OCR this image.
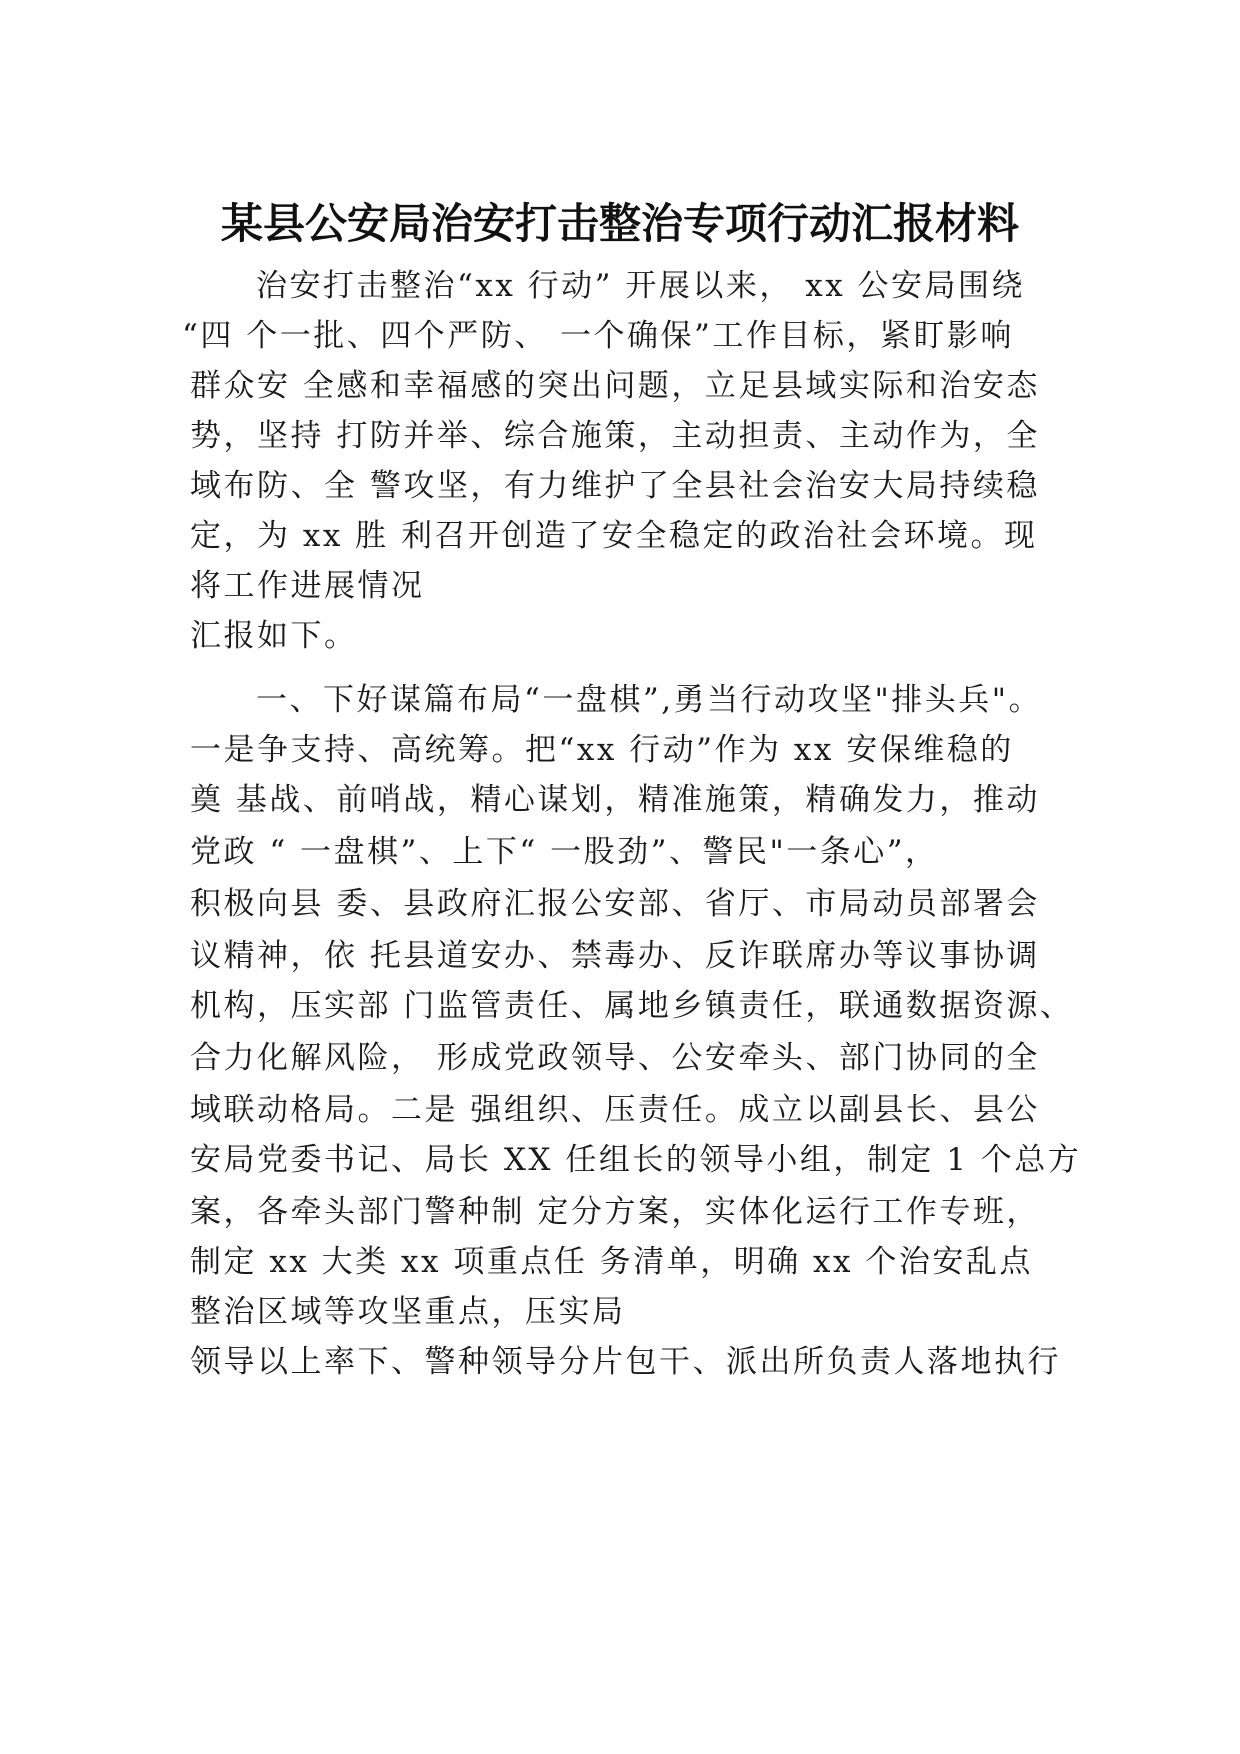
某县公安局治安打击整治专项行动汇报材料
治安打击整治“xx 行动” 开展以来， xx 公安局围绕
“四 个一批、四个严防、 一个确保”工作目标，紧盯影响
群众安 全感和幸福感的突出问题，立足县域实际和治安态
势，坚持 打防并举、综合施策，主动担责、主动作为，全
域布防、全 警攻坚，有力维护了全县社会治安大局持续稳
定，为 xx 胜 利召开创造了安全稳定的政治社会环境。现
将工作进展情况
汇报如下。
一、下好谋篇布局“一盘棋”,勇当行动攻坚"排头兵"。
一是争支持、高统筹。把“xx 行动”作为 xx 安保维稳的
奠 基战、前哨战，精心谋划，精准施策，精确发力，推动
党政 “ 一盘棋”、上下“ 一股劲”、警民"一条心”，
积极向县 委、县政府汇报公安部、省厅、市局动员部署会
议精神，依 托县道安办、禁毒办、反诈联席办等议事协调
机构，压实部 门监管责任、属地乡镇责任，联通数据资源、
合力化解风险， 形成党政领导、公安牵头、部门协同的全
域联动格局。二是 强组织、压责任。成立以副县长、县公
安局党委书记、局长 XX 任组长的领导小组，制定 1 个总方
案，各牵头部门警种制 定分方案，实体化运行工作专班，
制定 xx 大类 xx 项重点任 务清单，明确 xx 个治安乱点
整治区域等攻坚重点，压实局
领导以上率下、警种领导分片包干、派出所负责人落地执行
